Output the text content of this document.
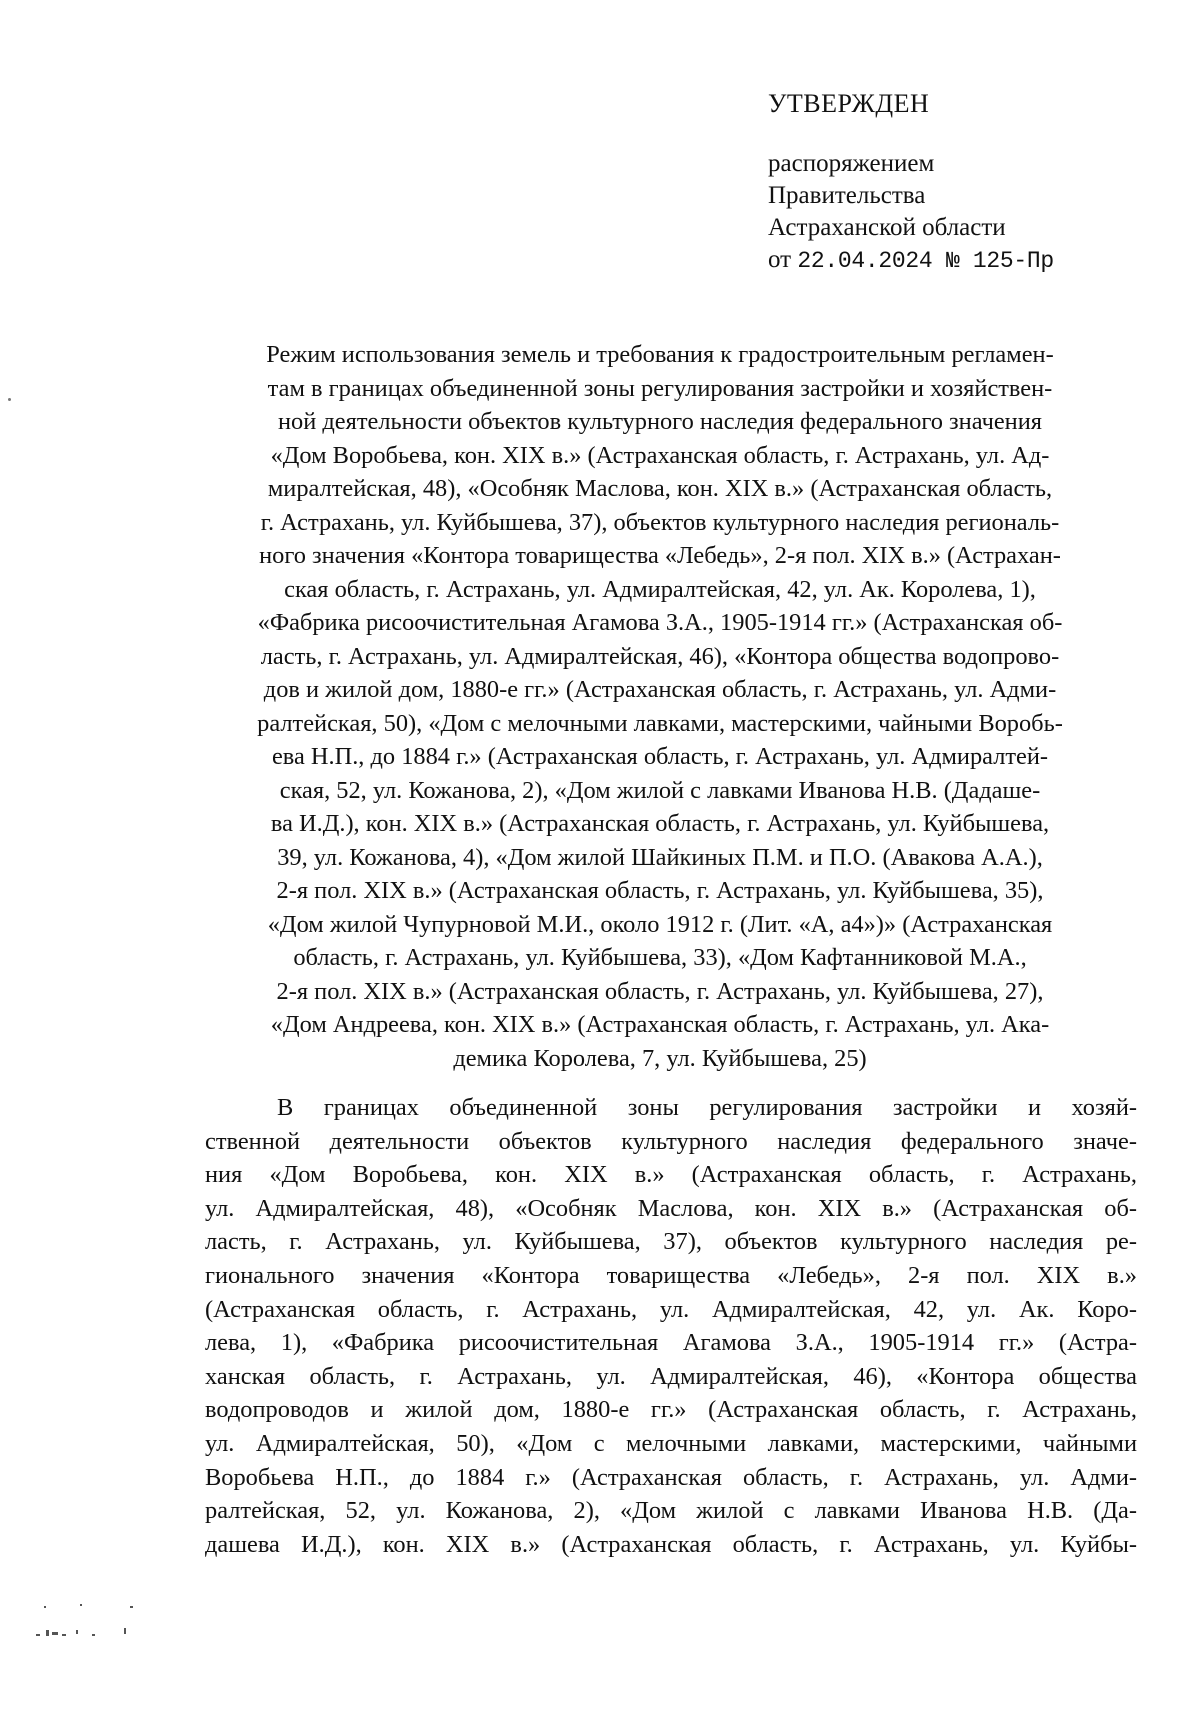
УТВЕРЖДЕН
распоряжением
Правительства
Астраханской области
от 22.04.2024 № 125-Пр
Режим использования земель и требования к градостроительным регламен-
там в границах объединенной зоны регулирования застройки и хозяйствен-
ной деятельности объектов культурного наследия федерального значения
«Дом Воробьева, кон. XIX в.» (Астраханская область, г. Астрахань, ул. Ад-
миралтейская, 48), «Особняк Маслова, кон. XIX в.» (Астраханская область,
г. Астрахань, ул. Куйбышева, 37), объектов культурного наследия региональ-
ного значения «Контора товарищества «Лебедь», 2-я пол. XIX в.» (Астрахан-
ская область, г. Астрахань, ул. Адмиралтейская, 42, ул. Ак. Королева, 1),
«Фабрика рисоочистительная Агамова З.А., 1905-1914 гг.» (Астраханская об-
ласть, г. Астрахань, ул. Адмиралтейская, 46), «Контора общества водопрово-
дов и жилой дом, 1880-е гг.» (Астраханская область, г. Астрахань, ул. Адми-
ралтейская, 50), «Дом с мелочными лавками, мастерскими, чайными Воробь-
ева Н.П., до 1884 г.» (Астраханская область, г. Астрахань, ул. Адмиралтей-
ская, 52, ул. Кожанова, 2), «Дом жилой с лавками Иванова Н.В. (Дадаше-
ва И.Д.), кон. XIX в.» (Астраханская область, г. Астрахань, ул. Куйбышева,
39, ул. Кожанова, 4), «Дом жилой Шайкиных П.М. и П.О. (Авакова А.А.),
2-я пол. XIX в.» (Астраханская область, г. Астрахань, ул. Куйбышева, 35),
«Дом жилой Чупурновой М.И., около 1912 г. (Лит. «А, а4»)» (Астраханская
область, г. Астрахань, ул. Куйбышева, 33), «Дом Кафтанниковой М.А.,
2-я пол. XIX в.» (Астраханская область, г. Астрахань, ул. Куйбышева, 27),
«Дом Андреева, кон. XIX в.» (Астраханская область, г. Астрахань, ул. Ака-
демика Королева, 7, ул. Куйбышева, 25)
В границах объединенной зоны регулирования застройки и хозяй-
ственной деятельности объектов культурного наследия федерального значе-
ния «Дом Воробьева, кон. XIX в.» (Астраханская область, г. Астрахань,
ул. Адмиралтейская, 48), «Особняк Маслова, кон. XIX в.» (Астраханская об-
ласть, г. Астрахань, ул. Куйбышева, 37), объектов культурного наследия ре-
гионального значения «Контора товарищества «Лебедь», 2-я пол. XIX в.»
(Астраханская область, г. Астрахань, ул. Адмиралтейская, 42, ул. Ак. Коро-
лева, 1), «Фабрика рисоочистительная Агамова З.А., 1905-1914 гг.» (Астра-
ханская область, г. Астрахань, ул. Адмиралтейская, 46), «Контора общества
водопроводов и жилой дом, 1880-е гг.» (Астраханская область, г. Астрахань,
ул. Адмиралтейская, 50), «Дом с мелочными лавками, мастерскими, чайными
Воробьева Н.П., до 1884 г.» (Астраханская область, г. Астрахань, ул. Адми-
ралтейская, 52, ул. Кожанова, 2), «Дом жилой с лавками Иванова Н.В. (Да-
дашева И.Д.), кон. XIX в.» (Астраханская область, г. Астрахань, ул. Куйбы-
